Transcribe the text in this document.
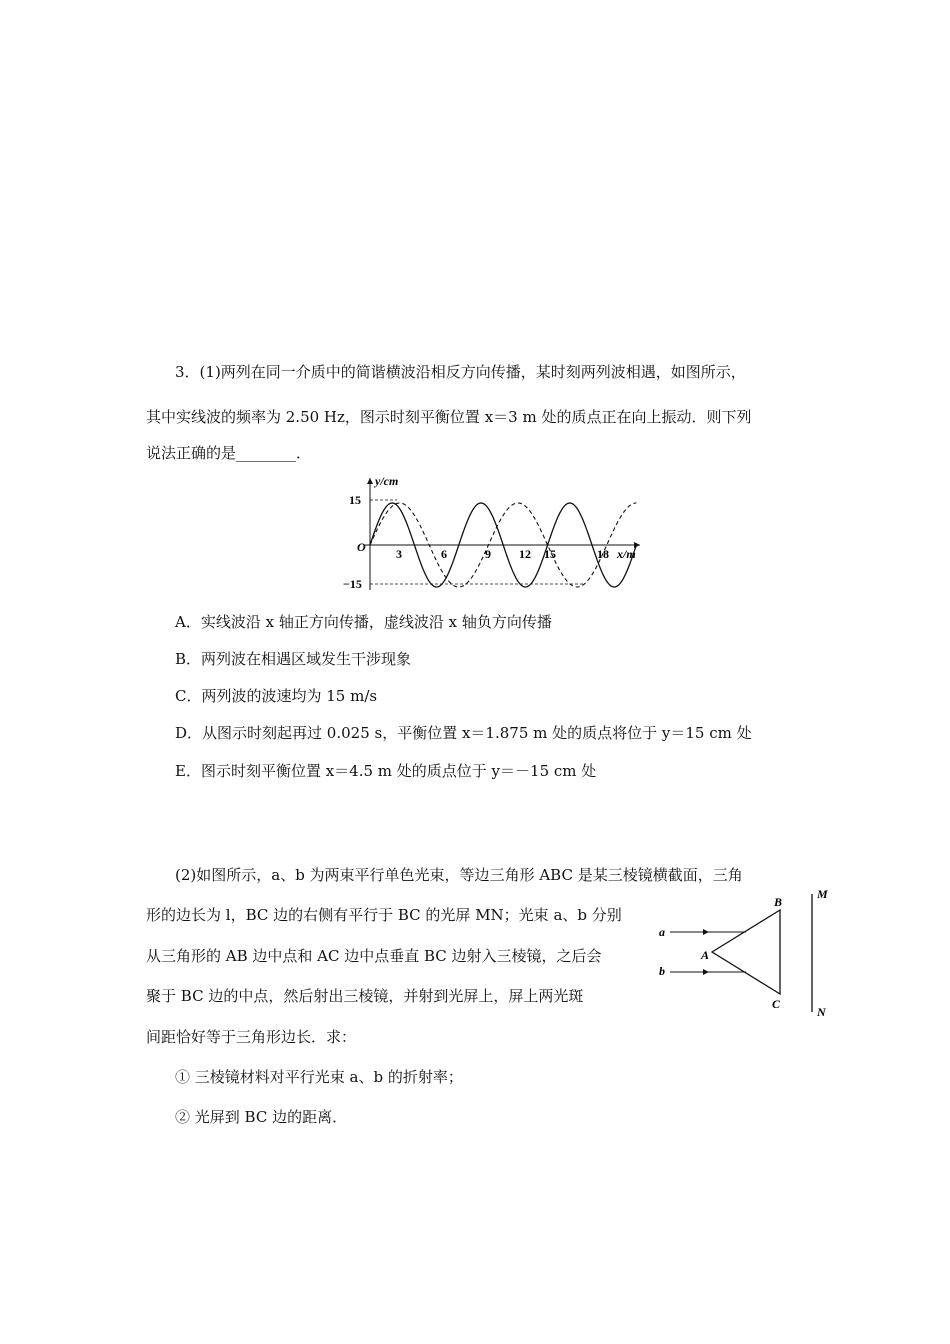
3．(1)两列在同一介质中的简谐横波沿相反方向传播，某时刻两列波相遇，如图所示，
其中实线波的频率为 2.50 Hz，图示时刻平衡位置 x＝3 m 处的质点正在向上振动．则下列
说法正确的是________．
y/cm
O
15
−15
3	6	9 12 15	18 x/m
A．实线波沿 x 轴正方向传播，虚线波沿 x 轴负方向传播
B．两列波在相遇区域发生干涉现象
C．两列波的波速均为 15 m/s
D．从图示时刻起再过 0.025 s，平衡位置 x＝1.875 m 处的质点将位于 y＝15 cm 处
E．图示时刻平衡位置 x＝4.5 m 处的质点位于 y＝－15 cm 处
(2)如图所示，a、b 为两束平行单色光束，等边三角形 ABC 是某三棱镜横截面，三角
形的边长为 l，BC 边的右侧有平行于 BC 的光屏 MN；光束 a、b 分别
从三角形的 AB 边中点和 AC 边中点垂直 BC 边射入三棱镜，之后会
聚于 BC 边的中点，然后射出三棱镜，并射到光屏上，屏上两光斑
间距恰好等于三角形边长．求：
① 三棱镜材料对平行光束 a、b 的折射率；
② 光屏到 BC 边的距离．
a
b
A
B
C
M
N
